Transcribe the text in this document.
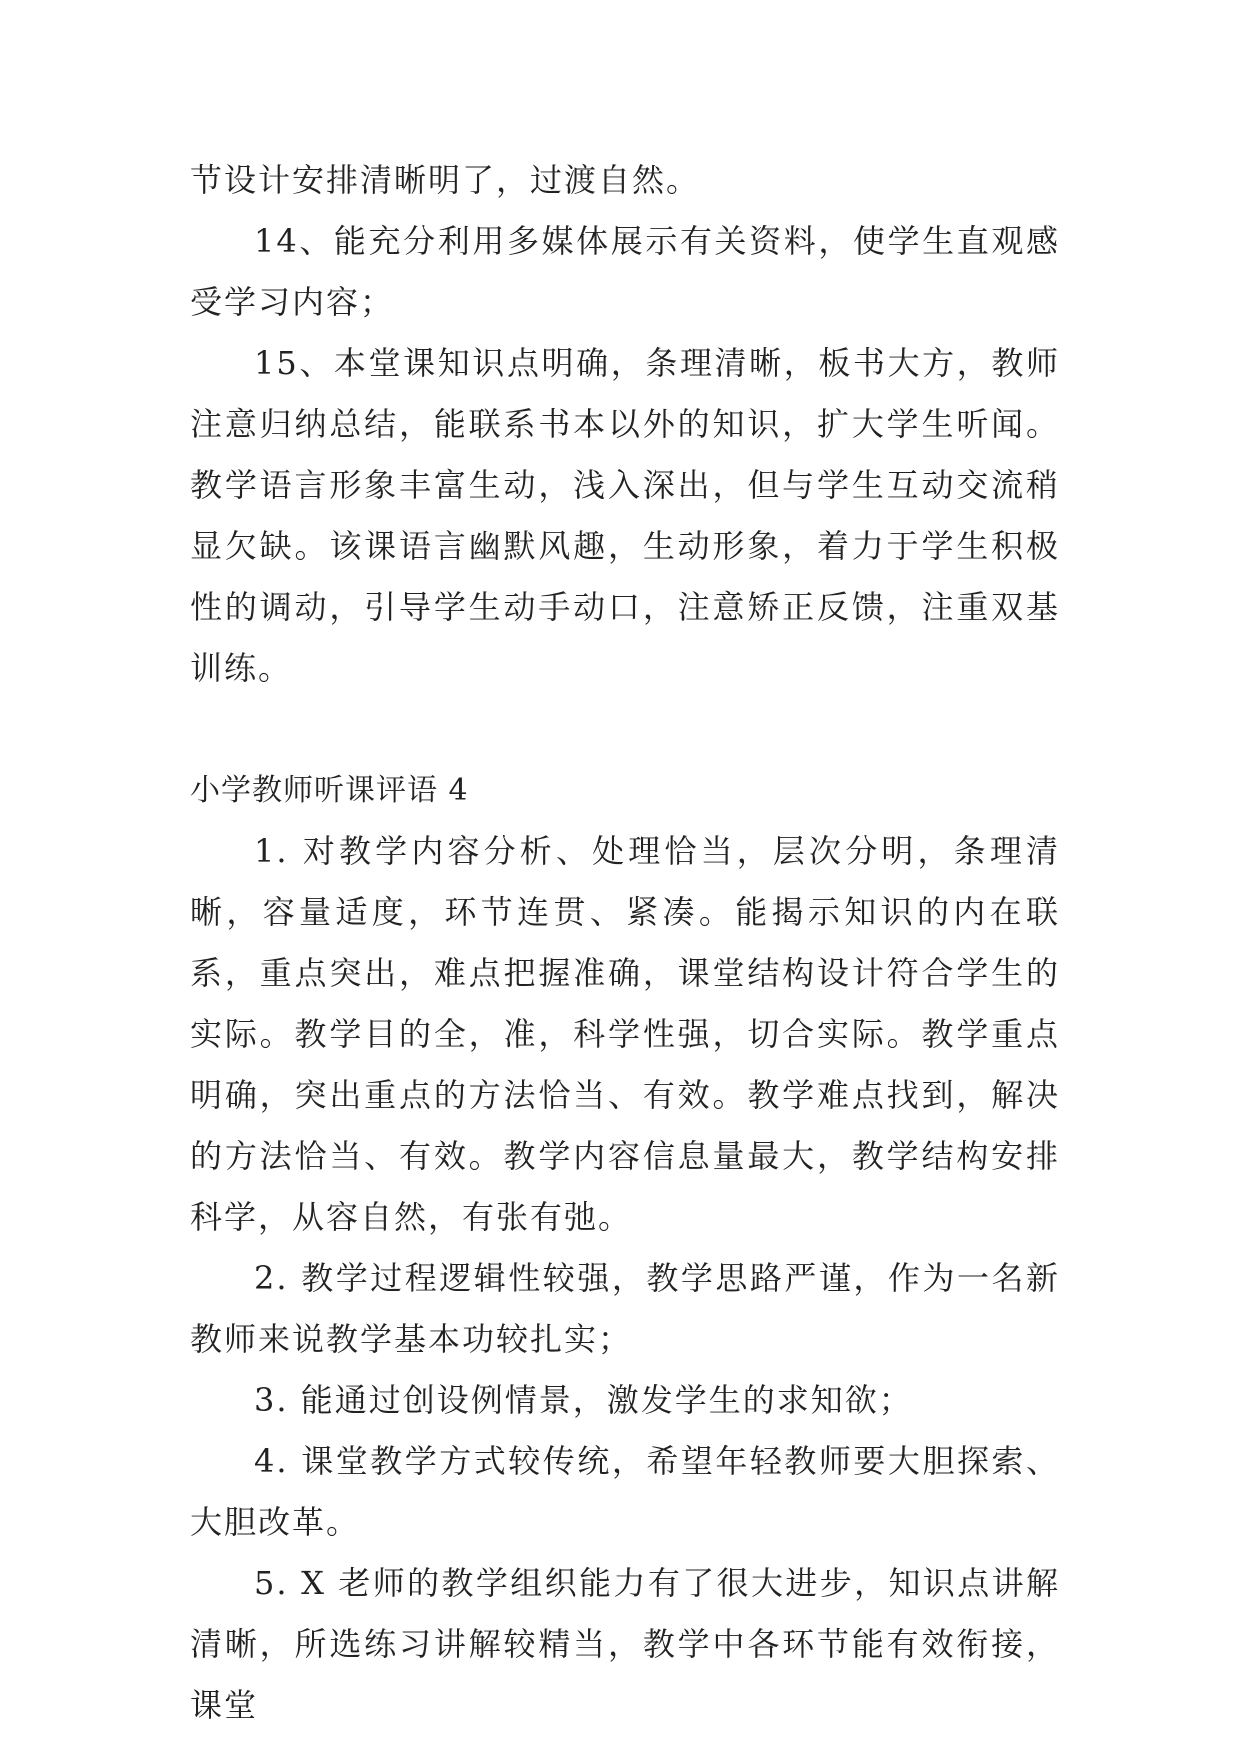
节设计安排清晰明了，过渡自然。

14、能充分利用多媒体展示有关资料，使学生直观感受学习内容；

15、本堂课知识点明确，条理清晰，板书大方，教师注意归纳总结，能联系书本以外的知识，扩大学生听闻。教学语言形象丰富生动，浅入深出，但与学生互动交流稍显欠缺。该课语言幽默风趣，生动形象，着力于学生积极性的调动，引导学生动手动口，注意矫正反馈，注重双基训练。

小学教师听课评语 4

1. 对教学内容分析、处理恰当，层次分明，条理清晰，容量适度，环节连贯、紧凑。能揭示知识的内在联系，重点突出，难点把握准确，课堂结构设计符合学生的实际。教学目的全，准，科学性强，切合实际。教学重点明确，突出重点的方法恰当、有效。教学难点找到，解决的方法恰当、有效。教学内容信息量最大，教学结构安排科学，从容自然，有张有弛。

2. 教学过程逻辑性较强，教学思路严谨，作为一名新教师来说教学基本功较扎实；

3. 能通过创设例情景，激发学生的求知欲；

4. 课堂教学方式较传统，希望年轻教师要大胆探索、大胆改革。

5. X 老师的教学组织能力有了很大进步，知识点讲解清晰，所选练习讲解较精当，教学中各环节能有效衔接，课堂
